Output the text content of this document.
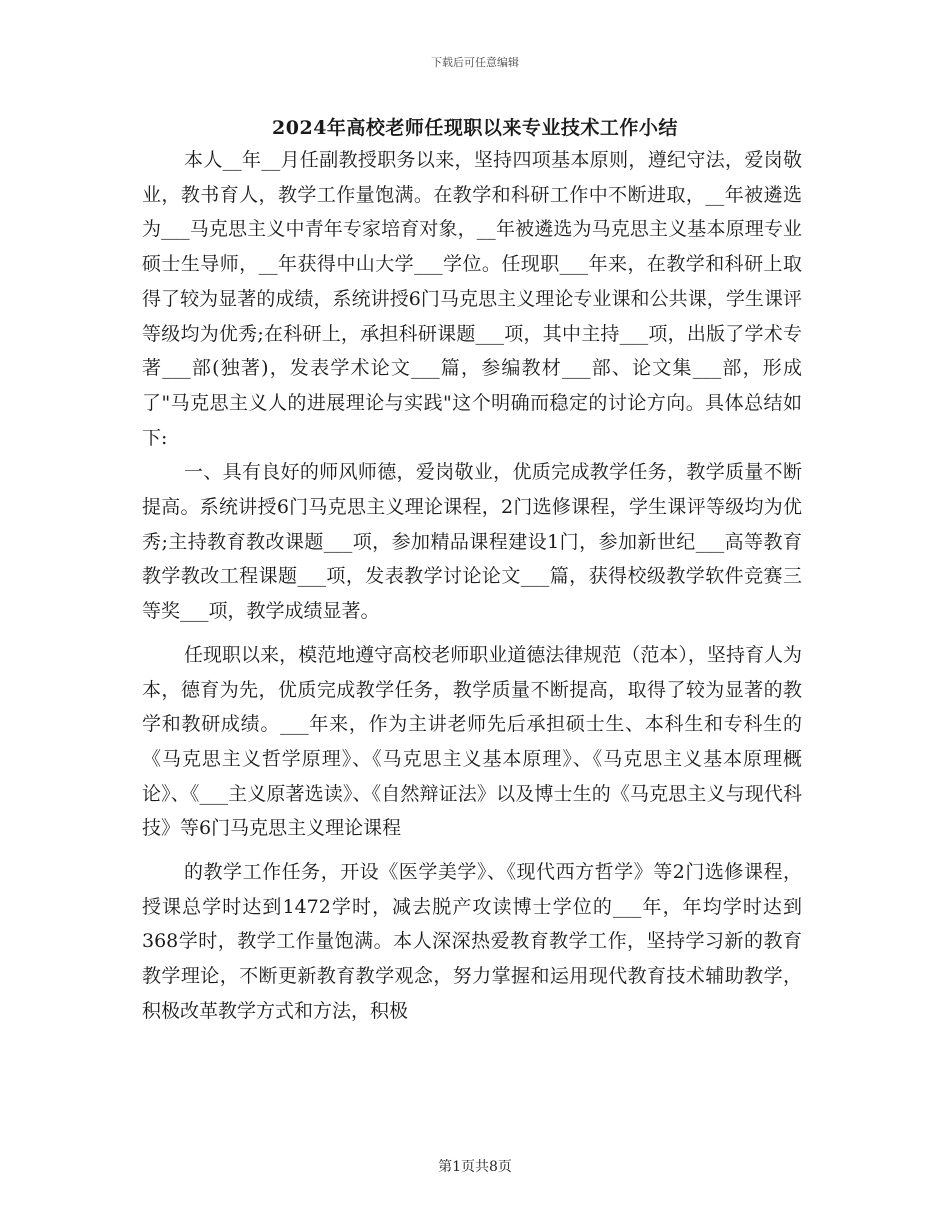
下载后可任意编辑
2024年高校老师任现职以来专业技术工作小结

本人__年__月任副教授职务以来，坚持四项基本原则，遵纪守法，爱岗敬业，教书育人，教学工作量饱满。在教学和科研工作中不断进取，__年被遴选为___马克思主义中青年专家培育对象，__年被遴选为马克思主义基本原理专业硕士生导师，__年获得中山大学___学位。任现职___年来，在教学和科研上取得了较为显著的成绩，系统讲授6门马克思主义理论专业课和公共课，学生课评等级均为优秀;在科研上，承担科研课题___项，其中主持___项，出版了学术专著___部(独著)，发表学术论文___篇，参编教材___部、论文集___部，形成了"马克思主义人的进展理论与实践"这个明确而稳定的讨论方向。具体总结如下:

一、具有良好的师风师德，爱岗敬业，优质完成教学任务，教学质量不断提高。系统讲授6门马克思主义理论课程，2门选修课程，学生课评等级均为优秀;主持教育教改课题___项，参加精品课程建设1门，参加新世纪___高等教育教学教改工程课题___项，发表教学讨论论文___篇，获得校级教学软件竞赛三等奖___项，教学成绩显著。

任现职以来，模范地遵守高校老师职业道德法律规范（范本），坚持育人为本，德育为先，优质完成教学任务，教学质量不断提高，取得了较为显著的教学和教研成绩。___年来，作为主讲老师先后承担硕士生、本科生和专科生的《马克思主义哲学原理》、《马克思主义基本原理》、《马克思主义基本原理概论》、《___主义原著选读》、《自然辩证法》以及博士生的《马克思主义与现代科技》等6门马克思主义理论课程

的教学工作任务，开设《医学美学》、《现代西方哲学》等2门选修课程，授课总学时达到1472学时，减去脱产攻读博士学位的___年，年均学时达到368学时，教学工作量饱满。本人深深热爱教育教学工作，坚持学习新的教育教学理论，不断更新教育教学观念，努力掌握和运用现代教育技术辅助教学，积极改革教学方式和方法，积极

第1页共8页
